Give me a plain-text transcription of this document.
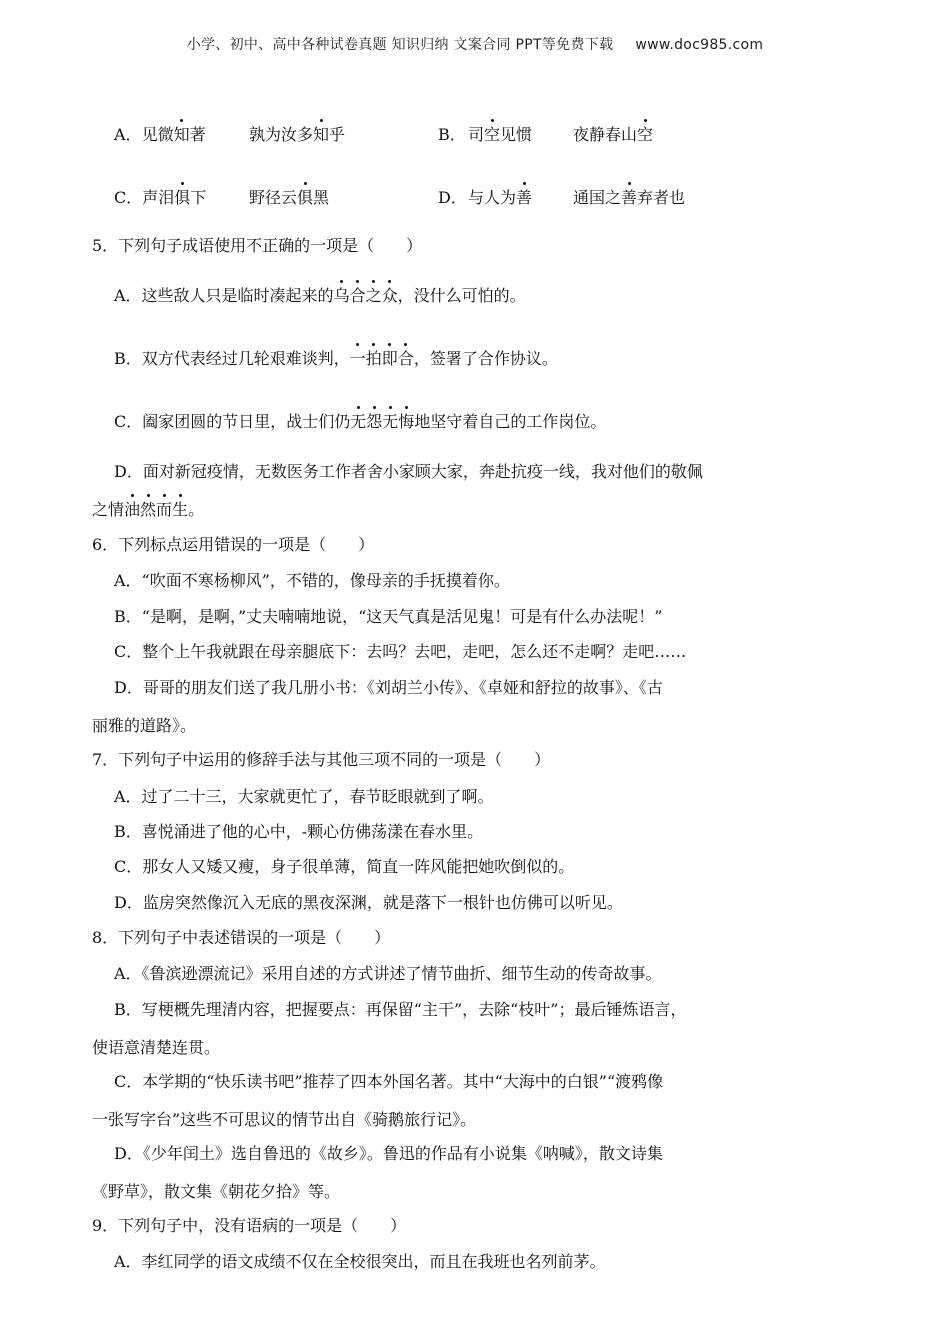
小学、初中、高中各种试卷真题 知识归纳 文案合同 PPT等免费下载 www.doc985.com
A．见微知著	孰为汝多知乎	B． 司空见惯	夜静春山空
C．声泪俱下	野径云俱黑	D． 与人为善	通国之善弃者也
5．下列句子成语使用不正确的一项是（　　）
A．这些敌人只是临时凑起来的乌合之众，没什么可怕的。
B．双方代表经过几轮艰难谈判，一拍即合，签署了合作协议。
C．阖家团圆的节日里，战士们仍无怨无悔地坚守着自己的工作岗位。
D．面对新冠疫情，无数医务工作者舍小家顾大家，奔赴抗疫一线，我对他们的敬佩
之情油然而生。
6．下列标点运用错误的一项是（　　）
A．“吹面不寒杨柳风”，不错的，像母亲的手抚摸着你。
B．“是啊，是啊，”丈夫喃喃地说，“这天气真是活见鬼！可是有什么办法呢！”
C．整个上午我就跟在母亲腿底下：去吗？去吧，走吧，怎么还不走啊？走吧……
D．哥哥的朋友们送了我几册小书：《刘胡兰小传》、《卓娅和舒拉的故事》、《古
丽雅的道路》。
7．下列句子中运用的修辞手法与其他三项不同的一项是（　　）
A．过了二十三，大家就更忙了，春节眨眼就到了啊。
B．喜悦涌进了他的心中，-颗心仿佛荡漾在春水里。
C．那女人又矮又瘦，身子很单薄，简直一阵风能把她吹倒似的。
D．监房突然像沉入无底的黑夜深渊，就是落下一根针也仿佛可以听见。
8．下列句子中表述错误的一项是（　　）
A．《鲁滨逊漂流记》采用自述的方式讲述了情节曲折、细节生动的传奇故事。
B．写梗概先理清内容，把握要点：再保留“主干”，去除“枝叶”；最后锤炼语言，
使语意清楚连贯。
C．本学期的“快乐读书吧”推荐了四本外国名著。其中“大海中的白银”“渡鸦像
一张写字台”这些不可思议的情节出自《骑鹅旅行记》。
D．《少年闰土》选自鲁迅的《故乡》。鲁迅的作品有小说集《呐喊》，散文诗集
《野草》，散文集《朝花夕拾》等。
9．下列句子中，没有语病的一项是（　　）
A．李红同学的语文成绩不仅在全校很突出，而且在我班也名列前茅。
